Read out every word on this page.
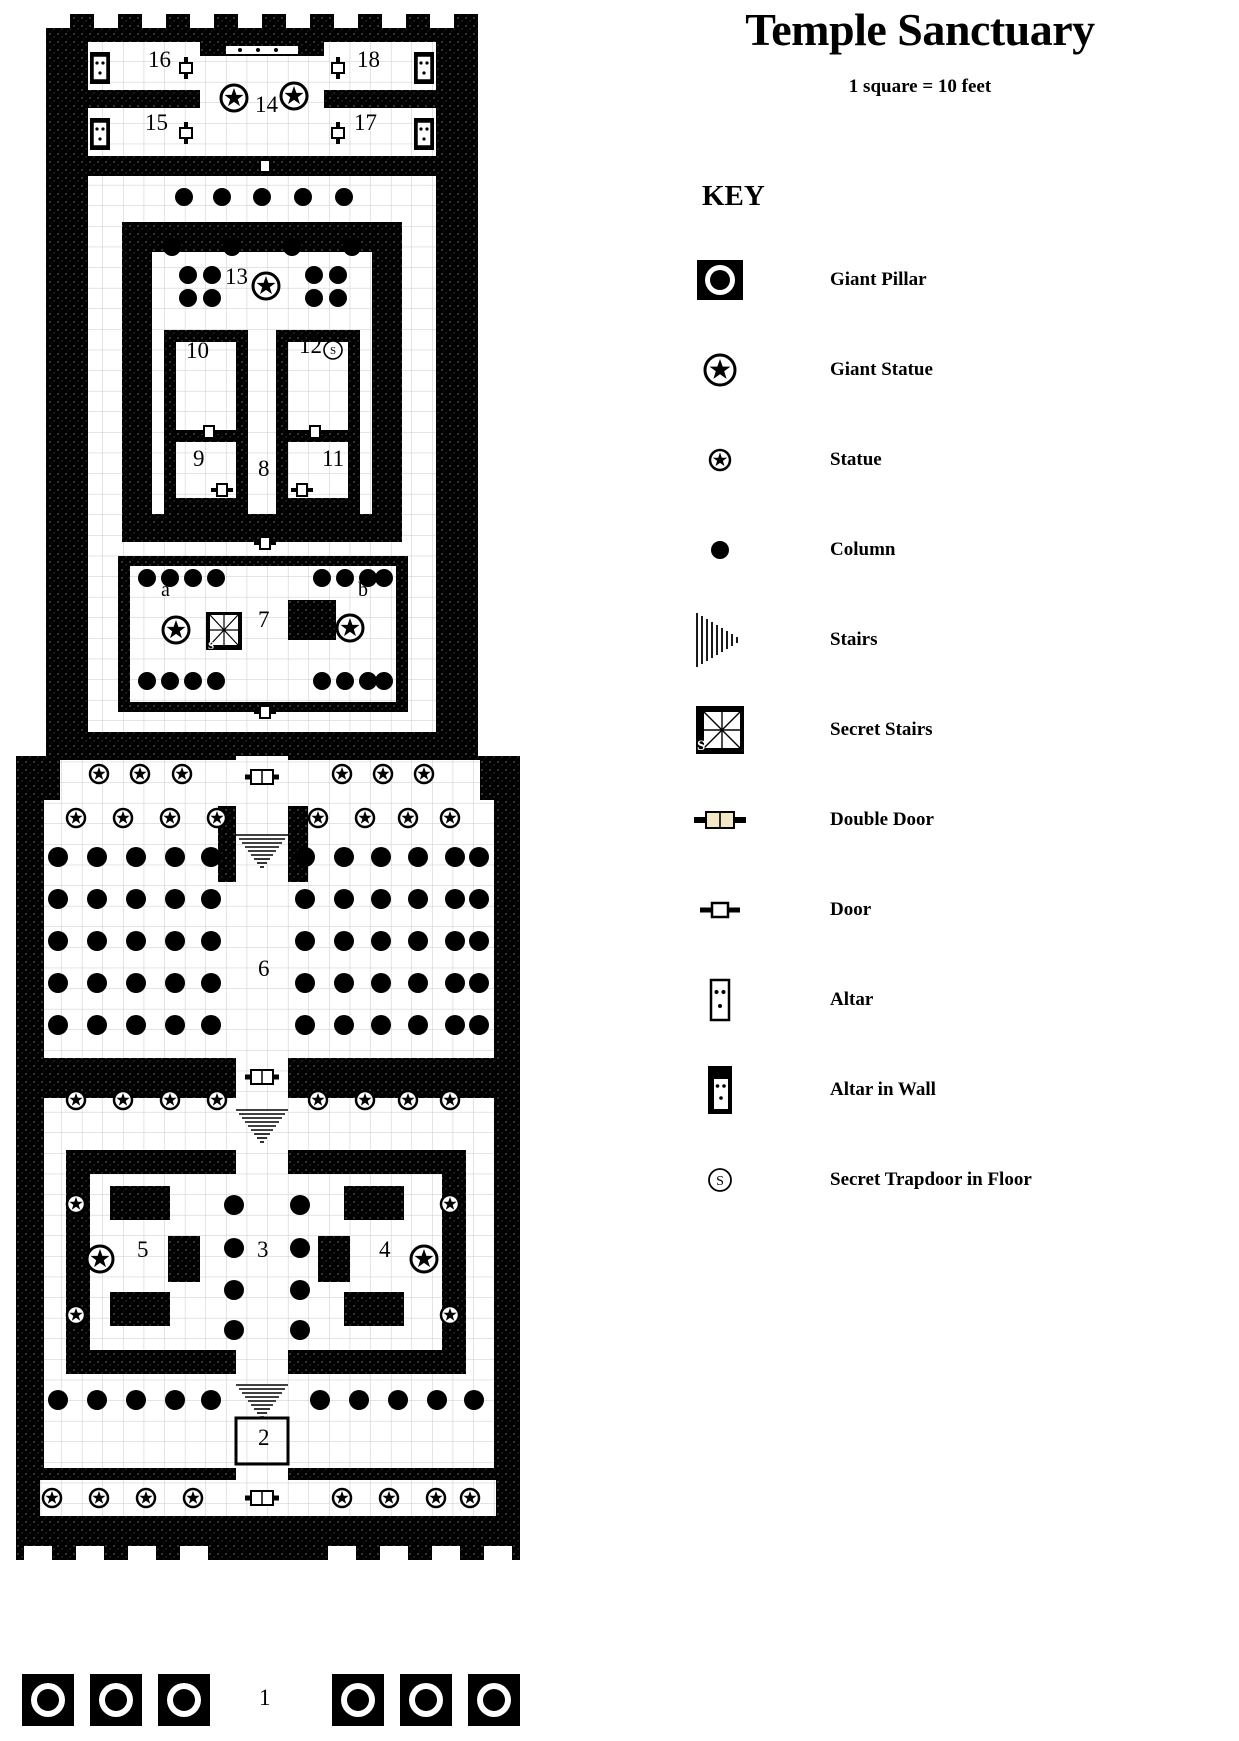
S
S
1
2
3	4
5
6
7
a	b
8
9
10
11
12
13
14
15
16
17
18
Temple Sanctuary
1 square = 10 feet
KEY
Giant Pillar
Giant Statue
Statue
Column
Stairs
S
Secret Stairs
Double Door
Door
Altar
Altar in Wall
S	Secret Trapdoor in Floor
